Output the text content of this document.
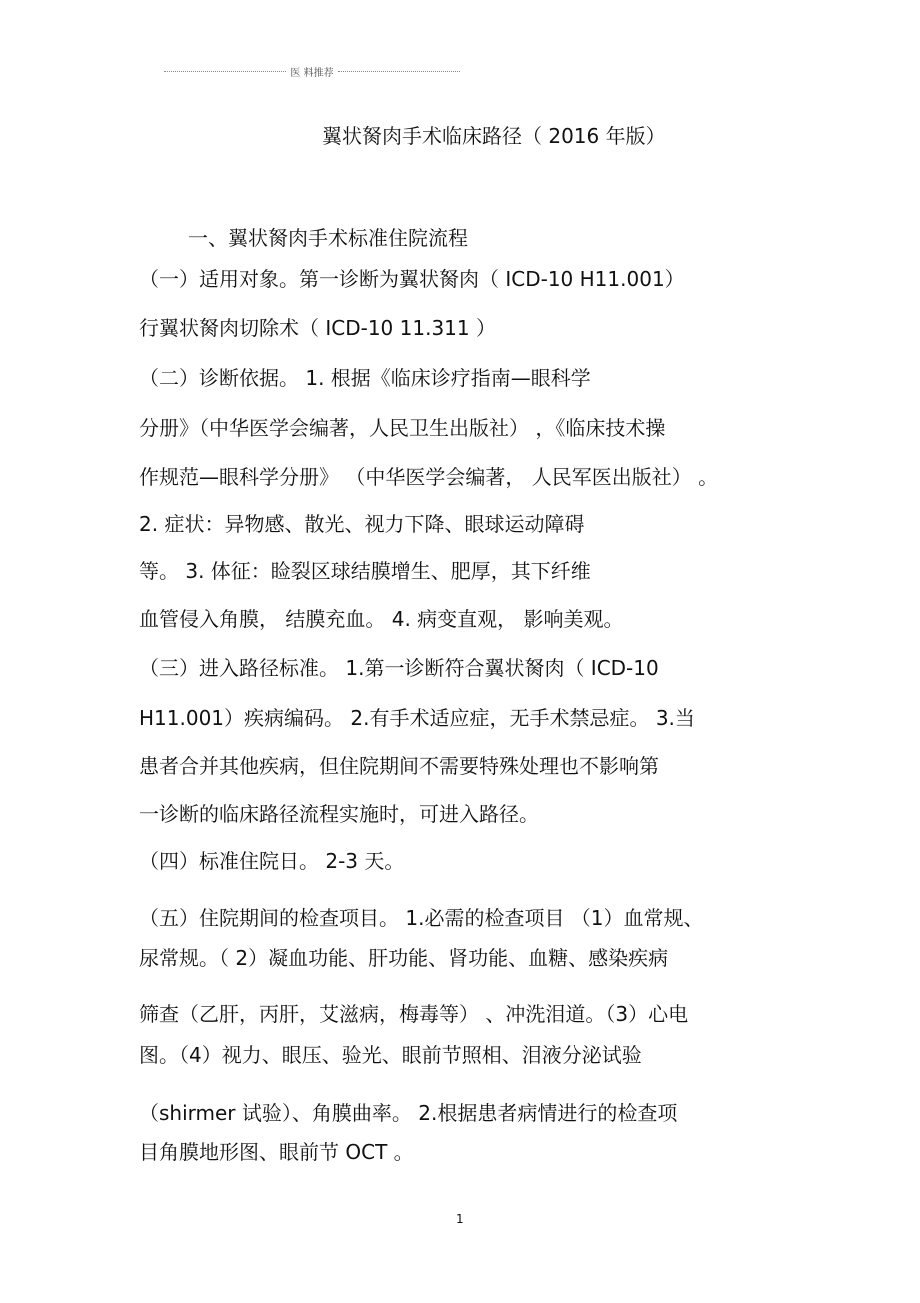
医 料推荐

翼状胬肉手术临床路径（ 2016 年版）

一、翼状胬肉手术标准住院流程

（一）适用对象。第一诊断为翼状胬肉（ ICD-10 H11.001）

行翼状胬肉切除术（ ICD-10 11.311 ）

（二）诊断依据。 1. 根据《临床诊疗指南—眼科学

分册》（中华医学会编著，人民卫生出版社） ，《临床技术操

作规范—眼科学分册》 （中华医学会编著， 人民军医出版社） 。

2. 症状：异物感、散光、视力下降、眼球运动障碍

等。 3. 体征：睑裂区球结膜增生、肥厚，其下纤维

血管侵入角膜， 结膜充血。 4. 病变直观， 影响美观。

（三）进入路径标准。 1.第一诊断符合翼状胬肉（ ICD-10

H11.001）疾病编码。 2.有手术适应症，无手术禁忌症。 3.当

患者合并其他疾病，但住院期间不需要特殊处理也不影响第

一诊断的临床路径流程实施时，可进入路径。

（四）标准住院日。 2-3 天。

（五）住院期间的检查项目。 1.必需的检查项目 （1）血常规、

尿常规。（ 2）凝血功能、肝功能、肾功能、血糖、感染疾病

筛查（乙肝，丙肝，艾滋病，梅毒等） 、冲洗泪道。（3）心电

图。（4）视力、眼压、验光、眼前节照相、泪液分泌试验

（shirmer 试验）、角膜曲率。 2.根据患者病情进行的检查项

目角膜地形图、眼前节 OCT 。

1
